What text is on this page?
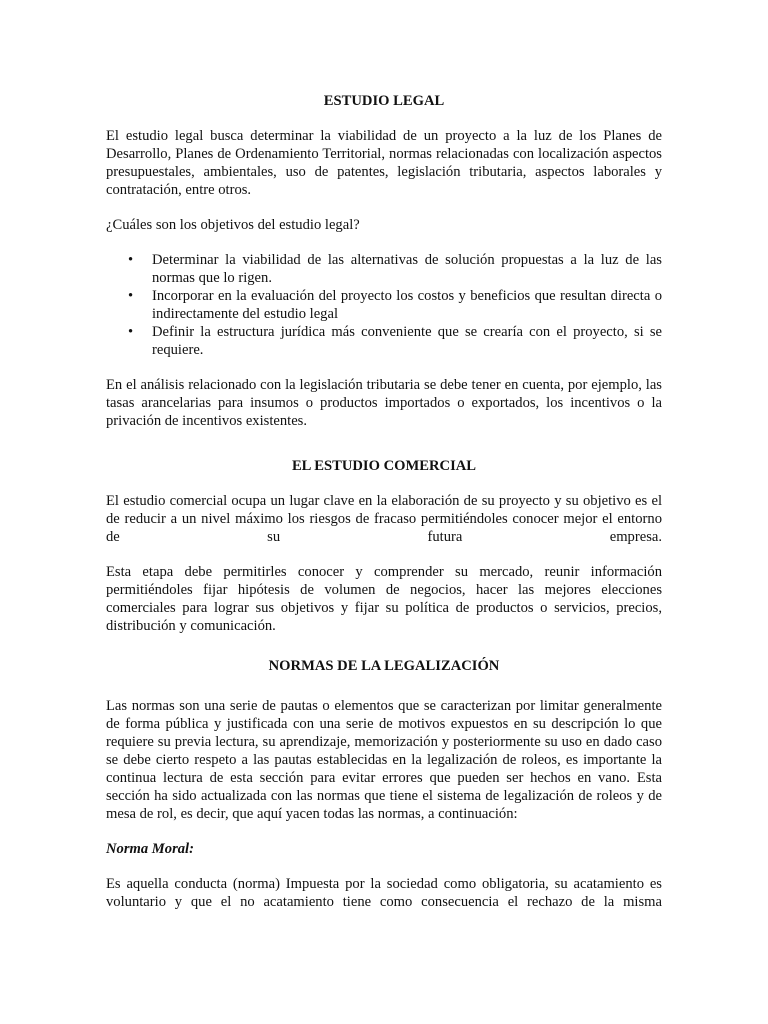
ESTUDIO LEGAL

El estudio legal busca determinar la viabilidad de un proyecto a la luz de los Planes de Desarrollo, Planes de Ordenamiento Territorial, normas relacionadas con localización aspectos presupuestales, ambientales, uso de patentes, legislación tributaria, aspectos laborales y contratación, entre otros.

¿Cuáles son los objetivos del estudio legal?

• Determinar la viabilidad de las alternativas de solución propuestas a la luz de las normas que lo rigen.
• Incorporar en la evaluación del proyecto los costos y beneficios que resultan directa o indirectamente del estudio legal
• Definir la estructura jurídica más conveniente que se crearía con el proyecto, si se requiere.

En el análisis relacionado con la legislación tributaria se debe tener en cuenta, por ejemplo, las tasas arancelarias para insumos o productos importados o exportados, los incentivos o la privación de incentivos existentes.

EL ESTUDIO COMERCIAL

El estudio comercial ocupa un lugar clave en la elaboración de su proyecto y su objetivo es el de reducir a un nivel máximo los riesgos de fracaso permitiéndoles conocer mejor el entorno de su futura empresa.

Esta etapa debe permitirles conocer y comprender su mercado, reunir información permitiéndoles fijar hipótesis de volumen de negocios, hacer las mejores elecciones comerciales para lograr sus objetivos y fijar su política de productos o servicios, precios, distribución y comunicación.

NORMAS DE LA LEGALIZACIÓN

Las normas son una serie de pautas o elementos que se caracterizan por limitar generalmente de forma pública y justificada con una serie de motivos expuestos en su descripción lo que requiere su previa lectura, su aprendizaje, memorización y posteriormente su uso en dado caso se debe cierto respeto a las pautas establecidas en la legalización de roleos, es importante la continua lectura de esta sección para evitar errores que pueden ser hechos en vano. Esta sección ha sido actualizada con las normas que tiene el sistema de legalización de roleos y de mesa de rol, es decir, que aquí yacen todas las normas, a continuación:

Norma Moral:

Es aquella conducta (norma) Impuesta por la sociedad como obligatoria, su acatamiento es voluntario y que el no acatamiento tiene como consecuencia el rechazo de la misma
